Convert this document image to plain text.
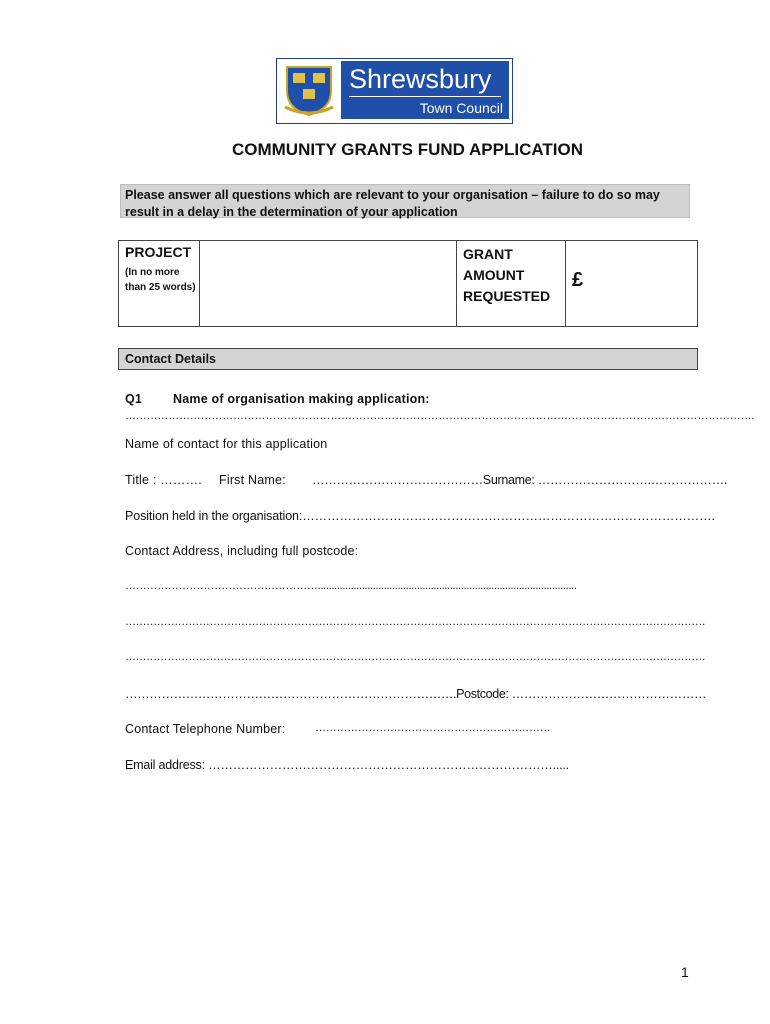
Shrewsbury
Town Council
COMMUNITY GRANTS FUND APPLICATION
Please answer all questions which are relevant to your organisation – failure to do so may result in a delay in the determination of your application
PROJECT
(In no more than 25 words)
GRANT
AMOUNT
REQUESTED
£
Contact Details
Q1 Name of organisation making application:
………………………………………………………………………………………………………………………………………………………….
Name of contact for this application
Title : ………. First Name: ……………………………………Surname: ……………………….……………….
Position held in the organisation:……………………………………………………………………………………….
Contact Address, including full postcode:
………………………………………………..............................................................................................
…………………………………………………………………………………………………………………………………………………
…………………………………………………………………………………………………………………………………………………
……………………………………………………………………….Postcode: …………………………………………
Contact Telephone Number:	…………………………………………………………
Email address: ………………………………………………………………………….....
1
